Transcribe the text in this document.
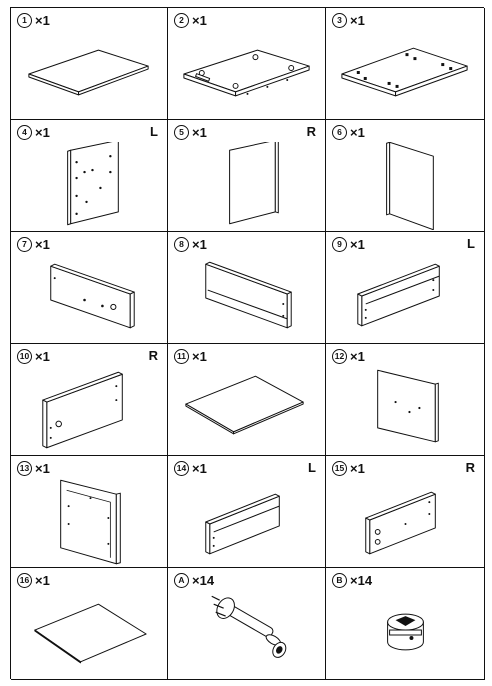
1 ×1	2 ×1	3 ×1
4 ×1	L	5 ×1	R	6 ×1
7 ×1	8 ×1	9 ×1	L
10 ×1	R	11 ×1	12 ×1
13 ×1	14 ×1	L	15 ×1	R
16 ×1	A ×14	B ×14
